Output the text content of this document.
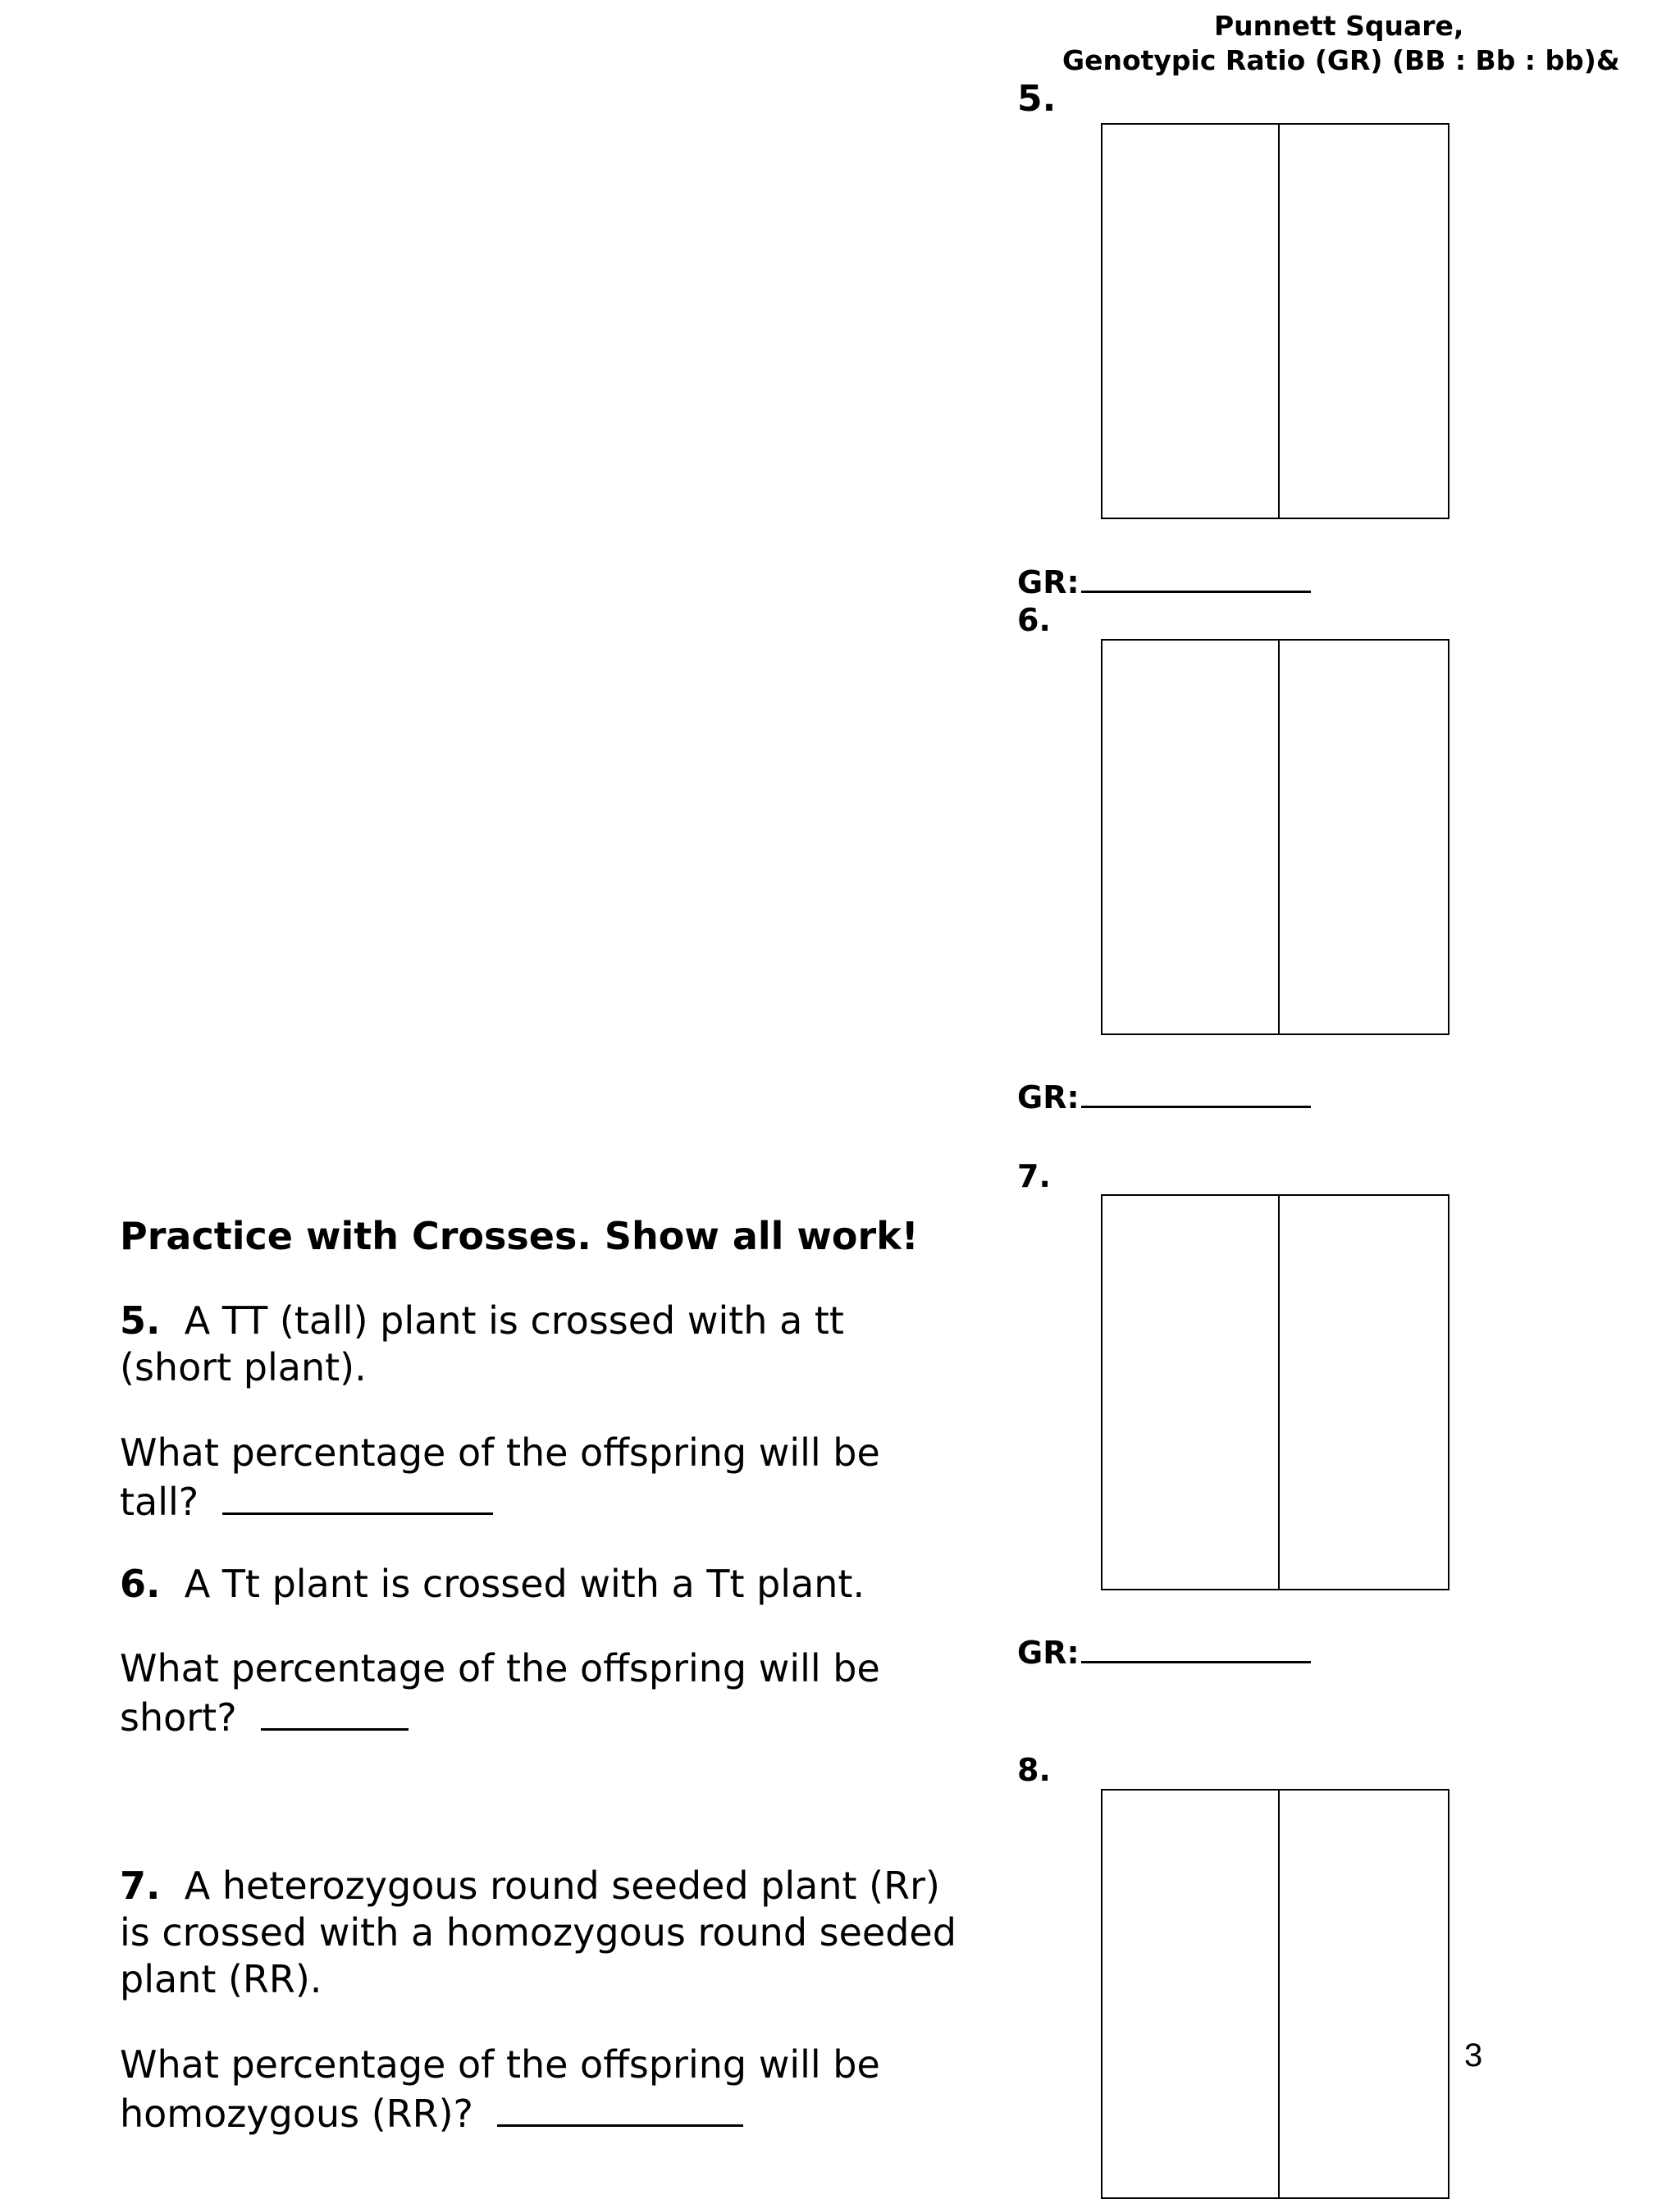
Punnett Square,
Genotypic Ratio (GR) (BB : Bb : bb)&
5.
GR:
6.
GR:
7.
GR:
8.
Practice with Crosses. Show all work!
5. A TT (tall) plant is crossed with a tt
(short plant).
What percentage of the offspring will be
tall?
6. A Tt plant is crossed with a Tt plant.
What percentage of the offspring will be
short?
7. A heterozygous round seeded plant (Rr)
is crossed with a homozygous round seeded
plant (RR).
What percentage of the offspring will be
homozygous (RR)?
3
